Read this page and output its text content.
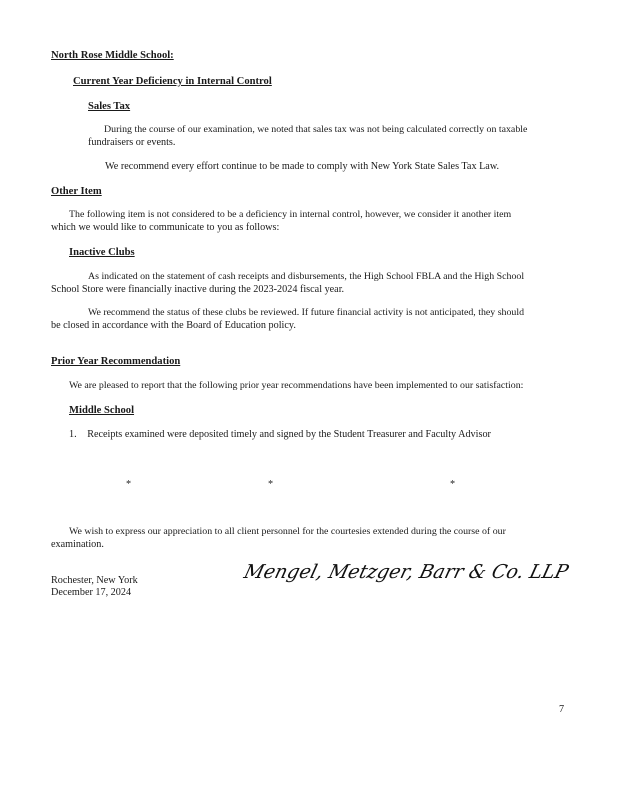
North Rose Middle School:
Current Year Deficiency in Internal Control
Sales Tax
During the course of our examination, we noted that sales tax was not being calculated correctly on taxable
fundraisers or events.
We recommend every effort continue to be made to comply with New York State Sales Tax Law.
Other Item
The following item is not considered to be a deficiency in internal control, however, we consider it another item
which we would like to communicate to you as follows:
Inactive Clubs
As indicated on the statement of cash receipts and disbursements, the High School FBLA and the High School
School Store were financially inactive during the 2023-2024 fiscal year.
We recommend the status of these clubs be reviewed. If future financial activity is not anticipated, they should
be closed in accordance with the Board of Education policy.
Prior Year Recommendation
We are pleased to report that the following prior year recommendations have been implemented to our satisfaction:
Middle School
1. Receipts examined were deposited timely and signed by the Student Treasurer and Faculty Advisor
*	*	*
We wish to express our appreciation to all client personnel for the courtesies extended during the course of our
examination.
Mengel, Metzger, Barr & Co. LLP
Rochester, New York
December 17, 2024
7
